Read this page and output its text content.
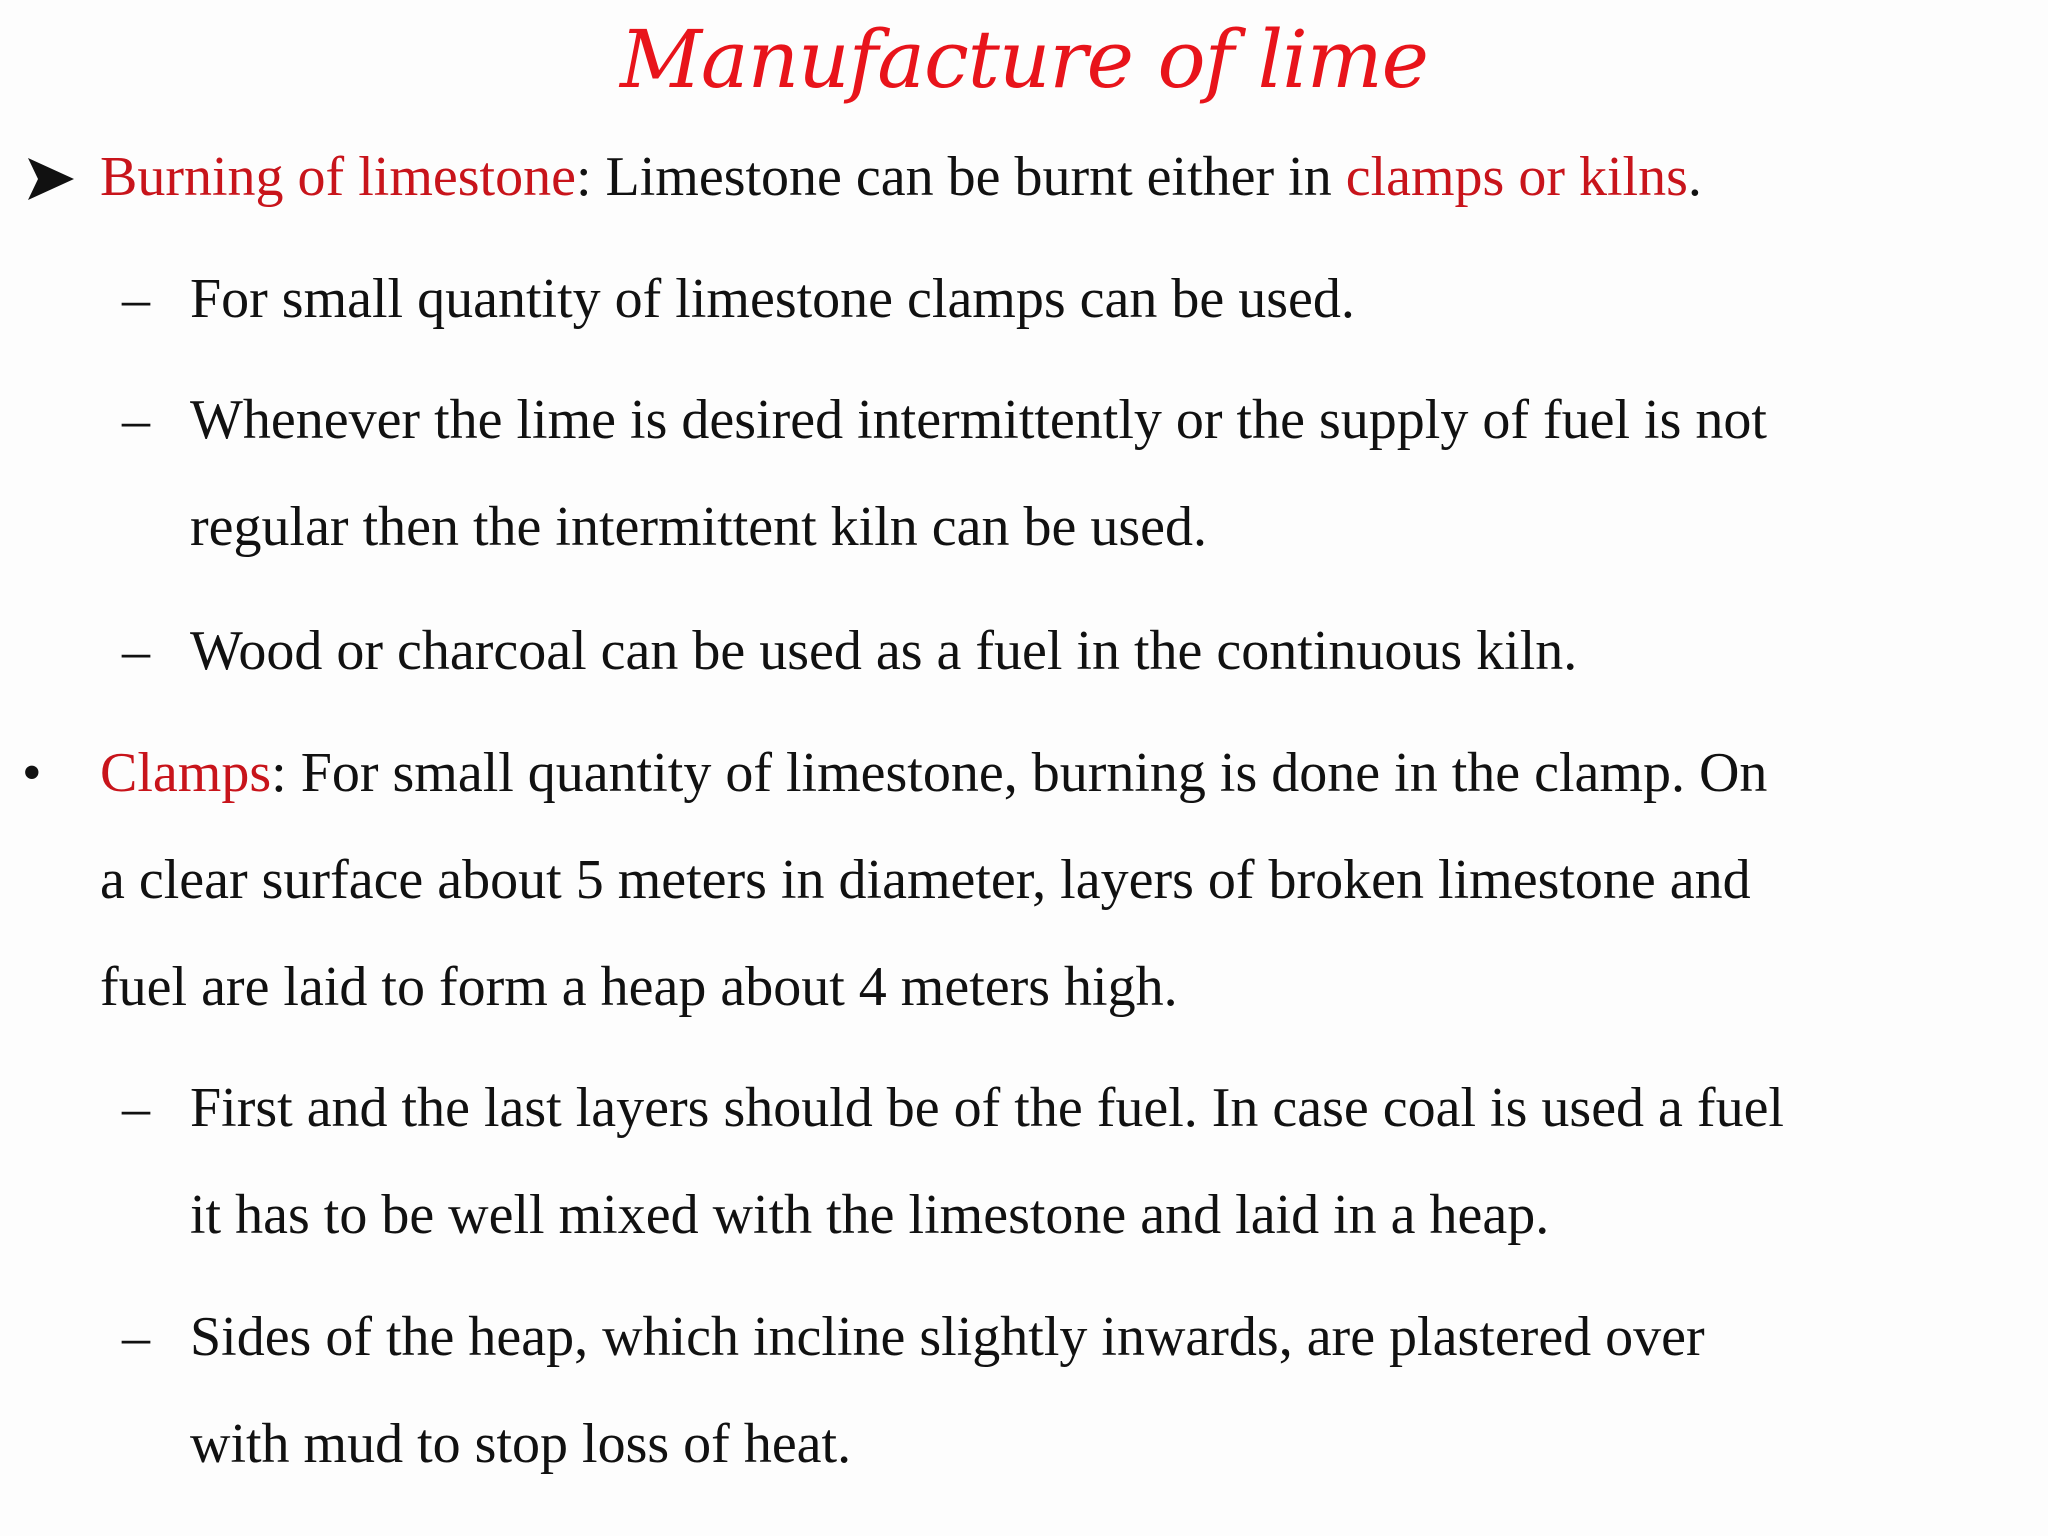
Manufacture of lime
Burning of limestone: Limestone can be burnt either in clamps or kilns.
– For small quantity of limestone clamps can be used.
– Whenever the lime is desired intermittently or the supply of fuel is not
regular then the intermittent kiln can be used.
– Wood or charcoal can be used as a fuel in the continuous kiln.
• Clamps: For small quantity of limestone, burning is done in the clamp. On
a clear surface about 5 meters in diameter, layers of broken limestone and
fuel are laid to form a heap about 4 meters high.
– First and the last layers should be of the fuel. In case coal is used a fuel
it has to be well mixed with the limestone and laid in a heap.
– Sides of the heap, which incline slightly inwards, are plastered over
with mud to stop loss of heat.
